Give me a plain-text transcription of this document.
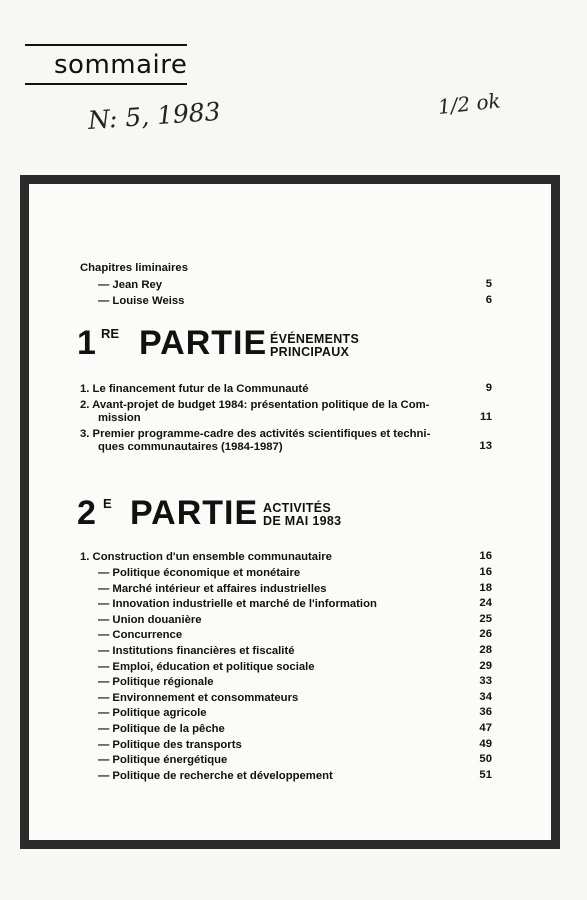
sommaire
N: 5, 1983	1/2 ok
Chapitres liminaires
— Jean Rey	5
— Louise Weiss	6
1 RE PARTIE ÉVÉNEMENTS
PRINCIPAUX
1. Le financement futur de la Communauté	9
2. Avant-projet de budget 1984: présentation politique de la Com-
mission	11
3. Premier programme-cadre des activités scientifiques et techni-
ques communautaires (1984-1987)	13
2 E PARTIE ACTIVITÉS
DE MAI 1983
1. Construction d'un ensemble communautaire	16
— Politique économique et monétaire	16
— Marché intérieur et affaires industrielles	18
— Innovation industrielle et marché de l'information	24
— Union douanière	25
— Concurrence	26
— Institutions financières et fiscalité	28
— Emploi, éducation et politique sociale	29
— Politique régionale	33
— Environnement et consommateurs	34
— Politique agricole	36
— Politique de la pêche	47
— Politique des transports	49
— Politique énergétique	50
— Politique de recherche et développement	51
